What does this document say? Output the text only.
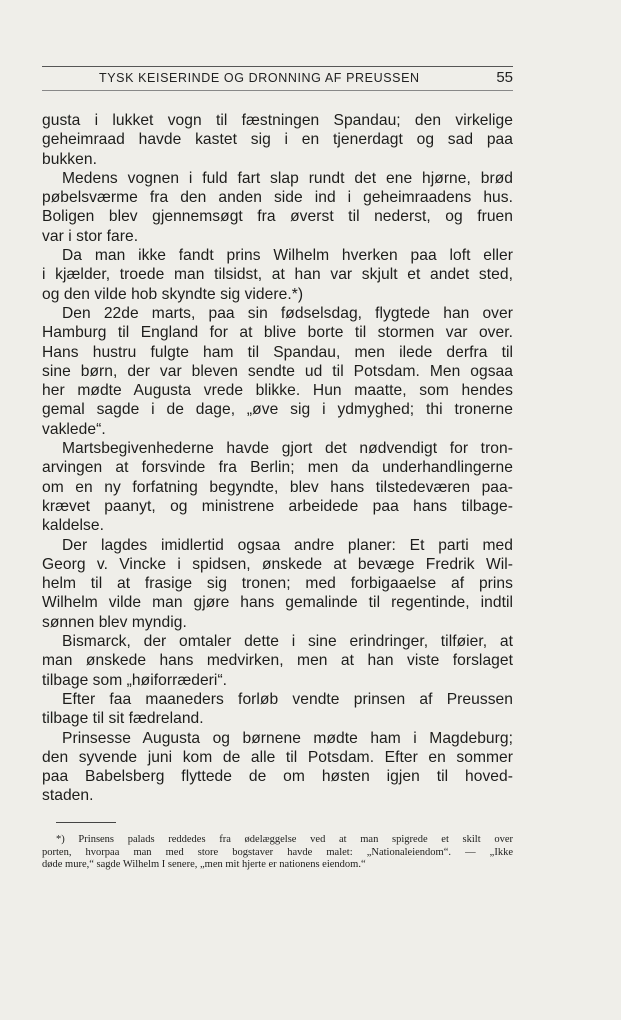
TYSK KEISERINDE OG DRONNING AF PREUSSEN	55
gusta i lukket vogn til fæstningen Spandau; den virkelige
geheimraad havde kastet sig i en tjenerdagt og sad paa
bukken.
Medens vognen i fuld fart slap rundt det ene hjørne, brød
pøbelsværme fra den anden side ind i geheimraadens hus.
Boligen blev gjennemsøgt fra øverst til nederst, og fruen
var i stor fare.
Da man ikke fandt prins Wilhelm hverken paa loft eller
i kjælder, troede man tilsidst, at han var skjult et andet sted,
og den vilde hob skyndte sig videre.*)
Den 22de marts, paa sin fødselsdag, flygtede han over
Hamburg til England for at blive borte til stormen var over.
Hans hustru fulgte ham til Spandau, men ilede derfra til
sine børn, der var bleven sendte ud til Potsdam. Men ogsaa
her mødte Augusta vrede blikke. Hun maatte, som hendes
gemal sagde i de dage, „øve sig i ydmyghed; thi tronerne
vaklede“.
Martsbegivenhederne havde gjort det nødvendigt for tron-
arvingen at forsvinde fra Berlin; men da underhandlingerne
om en ny forfatning begyndte, blev hans tilstedeværen paa-
krævet paanyt, og ministrene arbeidede paa hans tilbage-
kaldelse.
Der lagdes imidlertid ogsaa andre planer: Et parti med
Georg v. Vincke i spidsen, ønskede at bevæge Fredrik Wil-
helm til at frasige sig tronen; med forbigaaelse af prins
Wilhelm vilde man gjøre hans gemalinde til regentinde, indtil
sønnen blev myndig.
Bismarck, der omtaler dette i sine erindringer, tilføier, at
man ønskede hans medvirken, men at han viste forslaget
tilbage som „høiforræderi“.
Efter faa maaneders forløb vendte prinsen af Preussen
tilbage til sit fædreland.
Prinsesse Augusta og børnene mødte ham i Magdeburg;
den syvende juni kom de alle til Potsdam. Efter en sommer
paa Babelsberg flyttede de om høsten igjen til hoved-
staden.
*) Prinsens palads reddedes fra ødelæggelse ved at man spigrede et skilt over
porten, hvorpaa man med store bogstaver havde malet: „Nationaleiendom“. — „Ikke
døde mure,“ sagde Wilhelm I senere, „men mit hjerte er nationens eiendom.“
